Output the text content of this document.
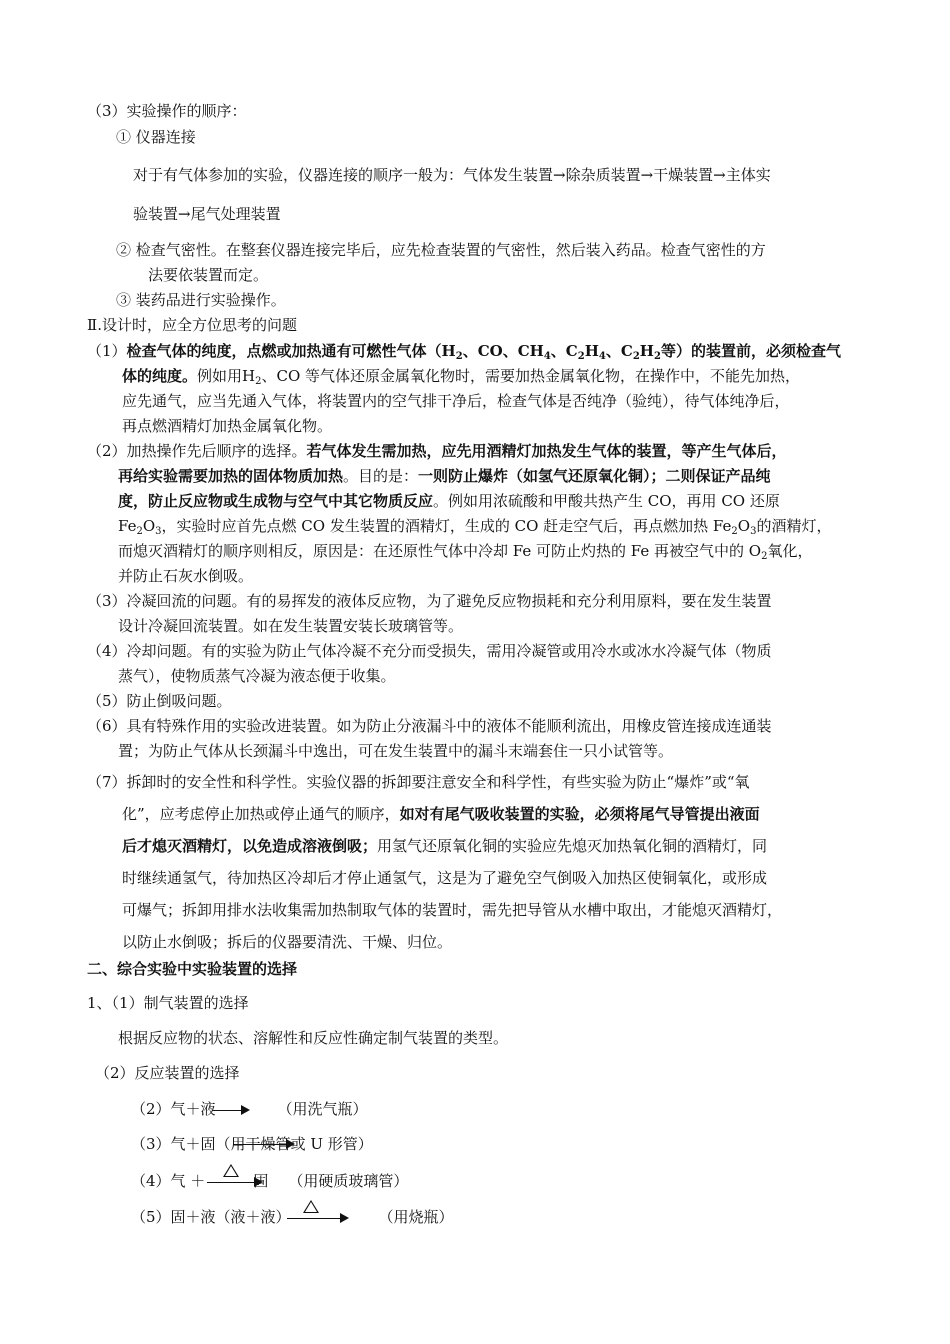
（3）实验操作的顺序：
① 仪器连接
对于有气体参加的实验，仪器连接的顺序一般为：气体发生装置→除杂质装置→干燥装置→主体实
验装置→尾气处理装置
② 检查气密性。在整套仪器连接完毕后，应先检查装置的气密性，然后装入药品。检查气密性的方
法要依装置而定。
③ 装药品进行实验操作。
Ⅱ.设计时，应全方位思考的问题
（1）检查气体的纯度，点燃或加热通有可燃性气体（$H_2$、CO、$CH_4$、$C_2H_4$、$C_2H_2$等）的装置前，必须检查气
体的纯度。例如用$H_2$、CO 等气体还原金属氧化物时，需要加热金属氧化物，在操作中，不能先加热，
应先通气，应当先通入气体，将装置内的空气排干净后，检查气体是否纯净（验纯），待气体纯净后，
再点燃酒精灯加热金属氧化物。
（2）加热操作先后顺序的选择。若气体发生需加热，应先用酒精灯加热发生气体的装置，等产生气体后，
再给实验需要加热的固体物质加热。目的是：一则防止爆炸（如氢气还原氧化铜）；二则保证产品纯
度，防止反应物或生成物与空气中其它物质反应。例如用浓硫酸和甲酸共热产生 CO，再用 CO 还原
$Fe_2O_3$，实验时应首先点燃 CO 发生装置的酒精灯，生成的 CO 赶走空气后，再点燃加热 $Fe_2O_3$的酒精灯，
而熄灭酒精灯的顺序则相反，原因是：在还原性气体中冷却 Fe 可防止灼热的 Fe 再被空气中的 $O_2$氧化，
并防止石灰水倒吸。
（3）冷凝回流的问题。有的易挥发的液体反应物，为了避免反应物损耗和充分利用原料，要在发生装置
设计冷凝回流装置。如在发生装置安装长玻璃管等。
（4）冷却问题。有的实验为防止气体冷凝不充分而受损失，需用冷凝管或用冷水或冰水冷凝气体（物质
蒸气），使物质蒸气冷凝为液态便于收集。
（5）防止倒吸问题。
（6）具有特殊作用的实验改进装置。如为防止分液漏斗中的液体不能顺利流出，用橡皮管连接成连通装
置；为防止气体从长颈漏斗中逸出，可在发生装置中的漏斗末端套住一只小试管等。
（7）拆卸时的安全性和科学性。实验仪器的拆卸要注意安全和科学性，有些实验为防止“爆炸”或“氧
化”，应考虑停止加热或停止通气的顺序，如对有尾气吸收装置的实验，必须将尾气导管提出液面
后才熄灭酒精灯，以免造成溶液倒吸；用氢气还原氧化铜的实验应先熄灭加热氧化铜的酒精灯，同
时继续通氢气，待加热区冷却后才停止通氢气，这是为了避免空气倒吸入加热区使铜氧化，或形成
可爆气；拆卸用排水法收集需加热制取气体的装置时，需先把导管从水槽中取出，才能熄灭酒精灯，
以防止水倒吸；拆后的仪器要清洗、干燥、归位。
二、综合实验中实验装置的选择
1、（1）制气装置的选择
根据反应物的状态、溶解性和反应性确定制气装置的类型。
（2）反应装置的选择
（2）气＋液	（用洗气瓶）
（3）气＋固（用干燥管
或 U 形管）
（4）气 ＋	固 （用硬质玻璃管）
（5）固＋液（液＋液）	（用烧瓶）
